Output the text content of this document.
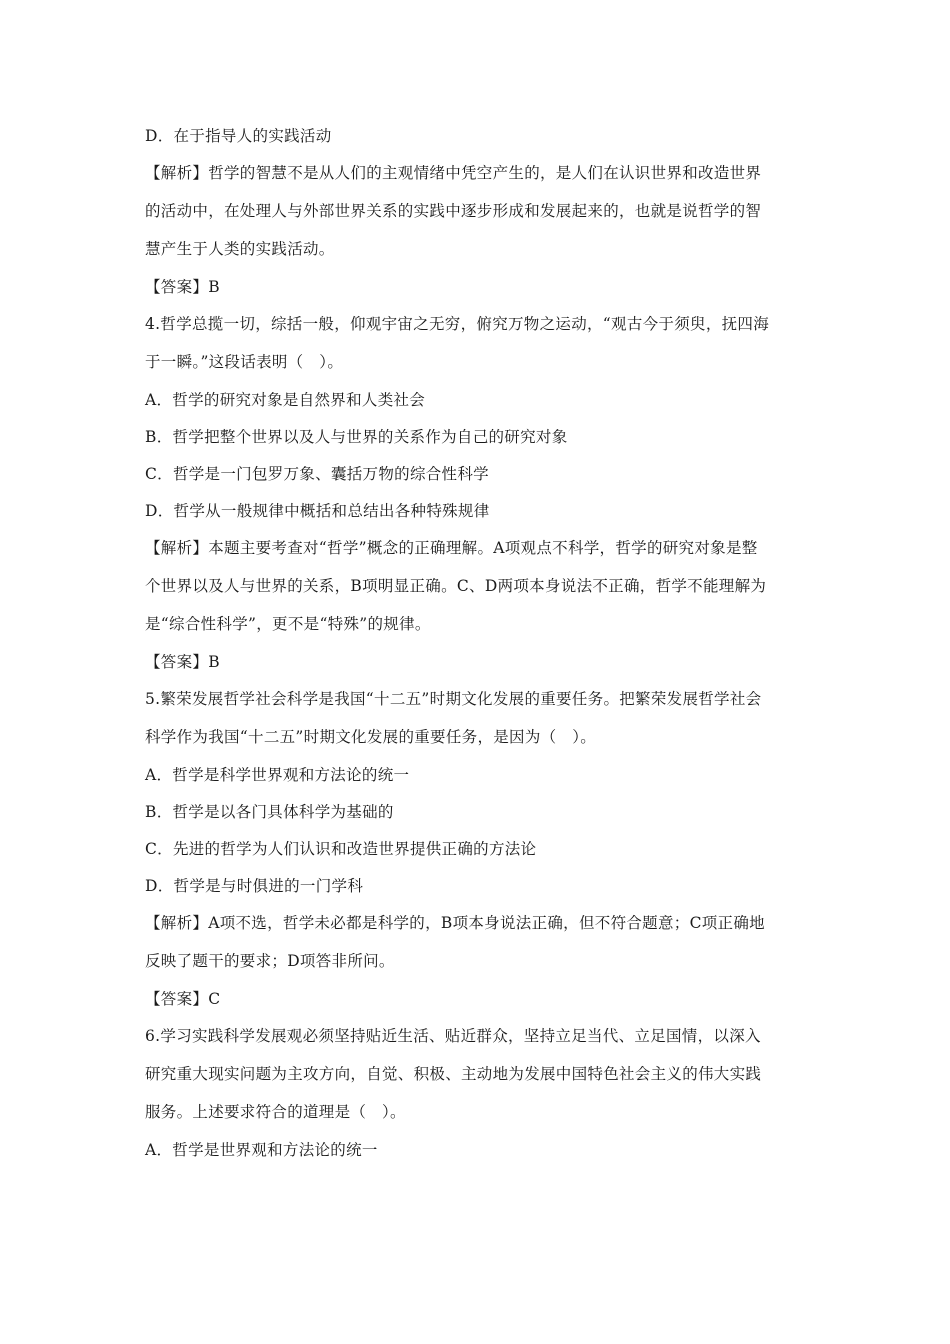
D．在于指导人的实践活动
【解析】哲学的智慧不是从人们的主观情绪中凭空产生的，是人们在认识世界和改造世界
的活动中，在处理人与外部世界关系的实践中逐步形成和发展起来的，也就是说哲学的智
慧产生于人类的实践活动。
【答案】B
4.哲学总揽一切，综括一般，仰观宇宙之无穷，俯究万物之运动，“观古今于须臾，抚四海
于一瞬。”这段话表明（　）。
A．哲学的研究对象是自然界和人类社会
B．哲学把整个世界以及人与世界的关系作为自己的研究对象
C．哲学是一门包罗万象、囊括万物的综合性科学
D．哲学从一般规律中概括和总结出各种特殊规律
【解析】本题主要考查对“哲学”概念的正确理解。A项观点不科学，哲学的研究对象是整
个世界以及人与世界的关系，B项明显正确。C、D两项本身说法不正确，哲学不能理解为
是“综合性科学”，更不是“特殊”的规律。
【答案】B
5.繁荣发展哲学社会科学是我国“十二五”时期文化发展的重要任务。把繁荣发展哲学社会
科学作为我国“十二五”时期文化发展的重要任务，是因为（　）。
A．哲学是科学世界观和方法论的统一
B．哲学是以各门具体科学为基础的
C．先进的哲学为人们认识和改造世界提供正确的方法论
D．哲学是与时俱进的一门学科
【解析】A项不选，哲学未必都是科学的，B项本身说法正确，但不符合题意；C项正确地
反映了题干的要求；D项答非所问。
【答案】C
6.学习实践科学发展观必须坚持贴近生活、贴近群众，坚持立足当代、立足国情，以深入
研究重大现实问题为主攻方向，自觉、积极、主动地为发展中国特色社会主义的伟大实践
服务。上述要求符合的道理是（　）。
A．哲学是世界观和方法论的统一
